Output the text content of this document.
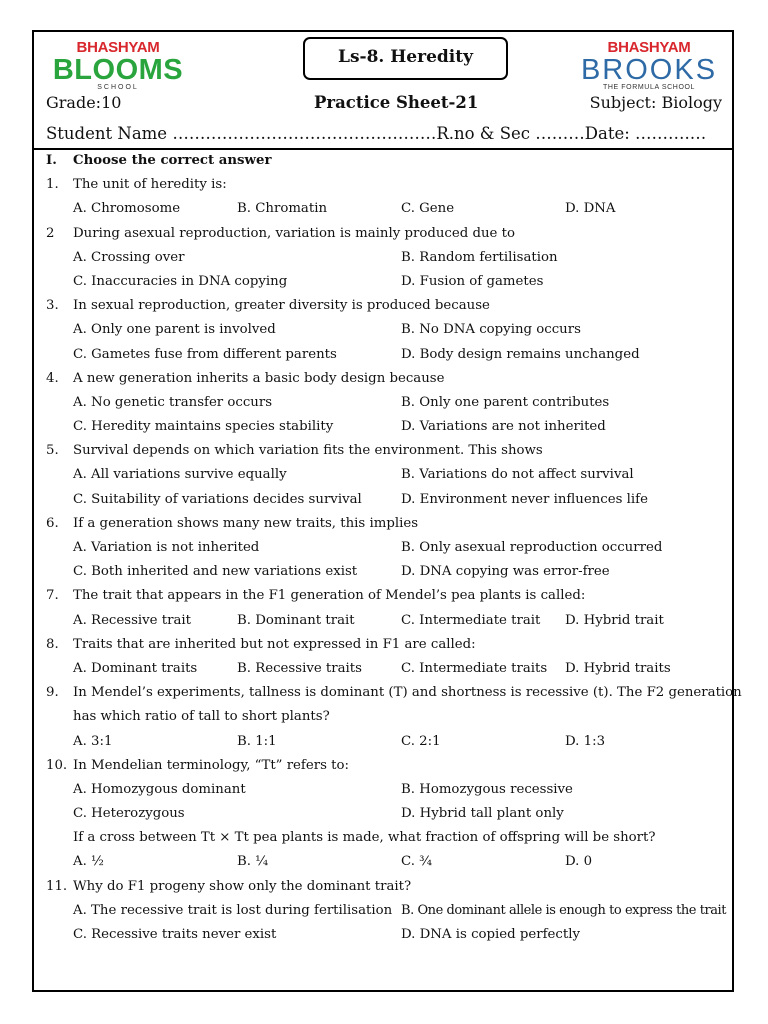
BHASHYAM
BLOOMS
SCHOOL
Ls-8. Heredity	BHASHYAM
BROOKS
THE FORMULA SCHOOL
Grade:10	Practice Sheet-21	Subject: Biology
Student Name …………………………………………R.no & Sec ………Date: ……….…
I. Choose the correct answer
1. The unit of heredity is:
A. Chromosome	B. Chromatin	C. Gene	D. DNA
2 During asexual reproduction, variation is mainly produced due to
A. Crossing over	B. Random fertilisation
C. Inaccuracies in DNA copying	D. Fusion of gametes
3. In sexual reproduction, greater diversity is produced because
A. Only one parent is involved	B. No DNA copying occurs
C. Gametes fuse from different parents	D. Body design remains unchanged
4. A new generation inherits a basic body design because
A. No genetic transfer occurs	B. Only one parent contributes
C. Heredity maintains species stability	D. Variations are not inherited
5. Survival depends on which variation fits the environment. This shows
A. All variations survive equally	B. Variations do not affect survival
C. Suitability of variations decides survival	D. Environment never influences life
6. If a generation shows many new traits, this implies
A. Variation is not inherited	B. Only asexual reproduction occurred
C. Both inherited and new variations exist	D. DNA copying was error-free
7. The trait that appears in the F1 generation of Mendel’s pea plants is called:
A. Recessive trait	B. Dominant trait	C. Intermediate trait D. Hybrid trait
8. Traits that are inherited but not expressed in F1 are called:
A. Dominant traits	B. Recessive traits	C. Intermediate traits D. Hybrid traits
9. In Mendel’s experiments, tallness is dominant (T) and shortness is recessive (t). The F2 generation
has which ratio of tall to short plants?
A. 3:1	B. 1:1	C. 2:1	D. 1:3
10. In Mendelian terminology, “Tt” refers to:
A. Homozygous dominant	B. Homozygous recessive
C. Heterozygous	D. Hybrid tall plant only
If a cross between Tt × Tt pea plants is made, what fraction of offspring will be short?
A. ½	B. ¼	C. ¾	D. 0
11. Why do F1 progeny show only the dominant trait?
A. The recessive trait is lost during fertilisation B. One dominant allele is enough to express the trait
C. Recessive traits never exist	D. DNA is copied perfectly
